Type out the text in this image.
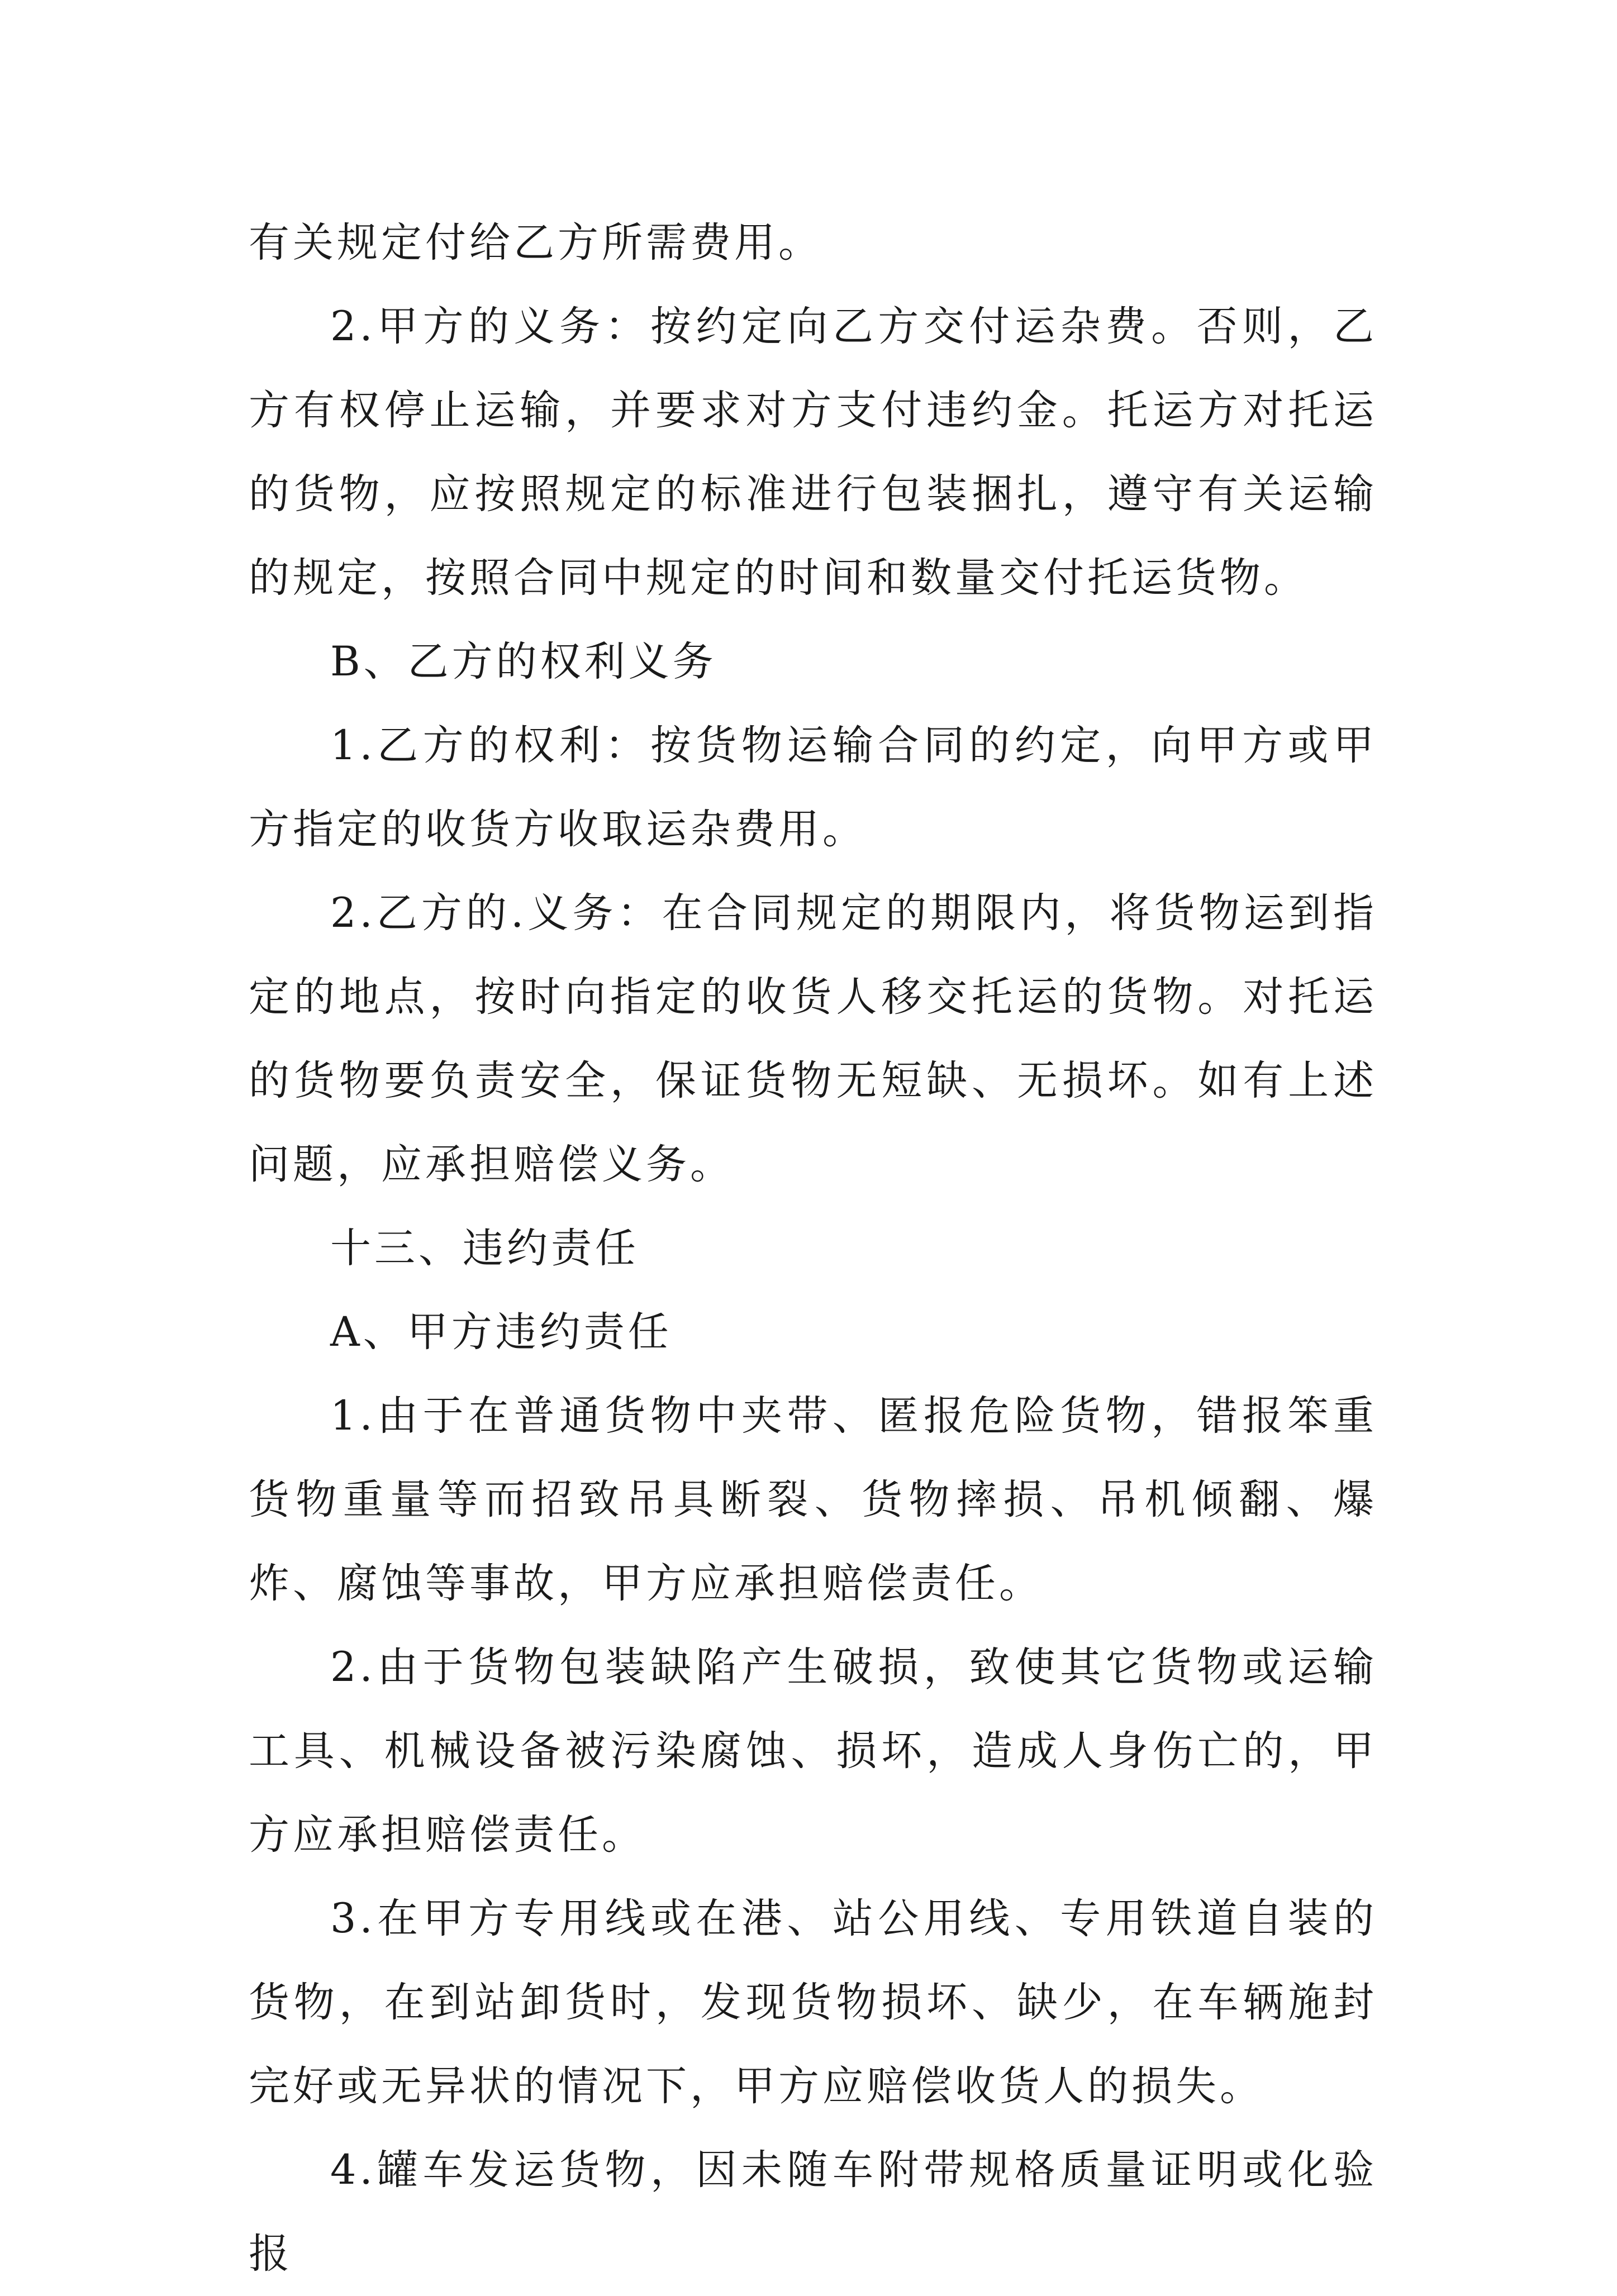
有关规定付给乙方所需费用。

2.甲方的义务：按约定向乙方交付运杂费。否则，乙方有权停止运输，并要求对方支付违约金。托运方对托运的货物，应按照规定的标准进行包装捆扎，遵守有关运输的规定，按照合同中规定的时间和数量交付托运货物。

B、乙方的权利义务

1.乙方的权利：按货物运输合同的约定，向甲方或甲方指定的收货方收取运杂费用。

2.乙方的.义务：在合同规定的期限内，将货物运到指定的地点，按时向指定的收货人移交托运的货物。对托运的货物要负责安全，保证货物无短缺、无损坏。如有上述问题，应承担赔偿义务。

十三、违约责任

A、甲方违约责任

1.由于在普通货物中夹带、匿报危险货物，错报笨重货物重量等而招致吊具断裂、货物摔损、吊机倾翻、爆炸、腐蚀等事故，甲方应承担赔偿责任。

2.由于货物包装缺陷产生破损，致使其它货物或运输工具、机械设备被污染腐蚀、损坏，造成人身伤亡的，甲方应承担赔偿责任。

3.在甲方专用线或在港、站公用线、专用铁道自装的货物，在到站卸货时，发现货物损坏、缺少，在车辆施封完好或无异状的情况下，甲方应赔偿收货人的损失。

4.罐车发运货物，因未随车附带规格质量证明或化验报
